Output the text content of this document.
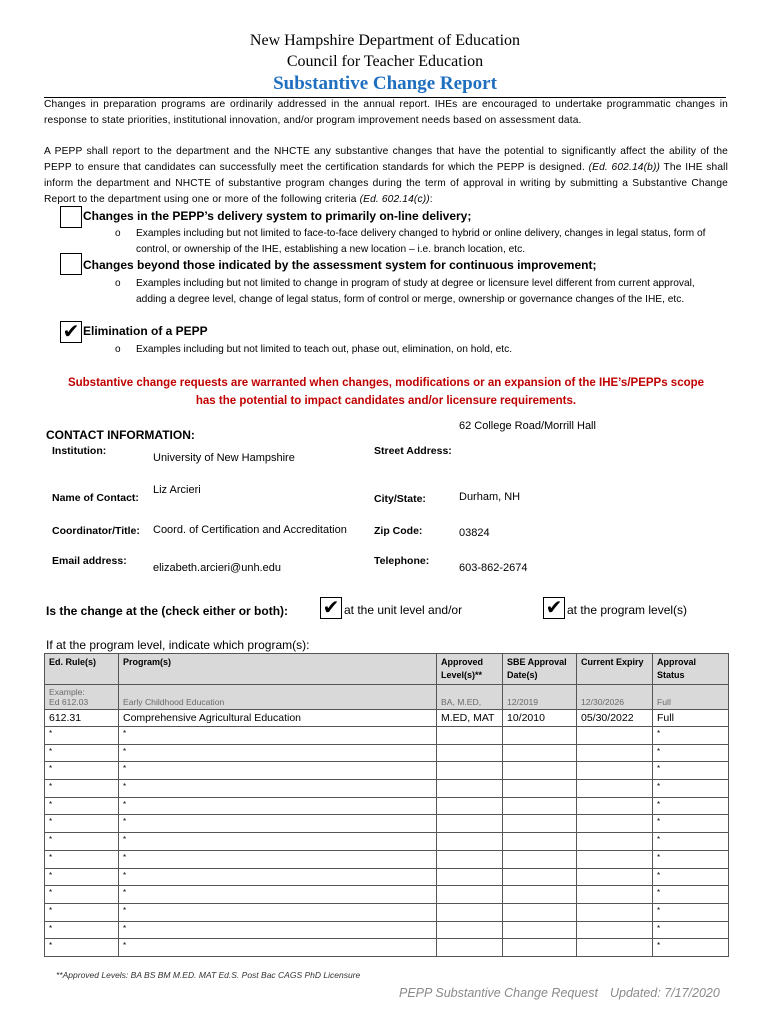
New Hampshire Department of Education
Council for Teacher Education
Substantive Change Report
Changes in preparation programs are ordinarily addressed in the annual report. IHEs are encouraged to undertake programmatic changes in response to state priorities, institutional innovation, and/or program improvement needs based on assessment data.
A PEPP shall report to the department and the NHCTE any substantive changes that have the potential to significantly affect the ability of the PEPP to ensure that candidates can successfully meet the certification standards for which the PEPP is designed. (Ed. 602.14(b)) The IHE shall inform the department and NHCTE of substantive program changes during the term of approval in writing by submitting a Substantive Change Report to the department using one or more of the following criteria (Ed. 602.14(c)):
Changes in the PEPP’s delivery system to primarily on-line delivery;
o Examples including but not limited to face-to-face delivery changed to hybrid or online delivery, changes in legal status, form of control, or ownership of the IHE, establishing a new location – i.e. branch location, etc.
Changes beyond those indicated by the assessment system for continuous improvement;
o Examples including but not limited to change in program of study at degree or licensure level different from current approval, adding a degree level, change of legal status, form of control or merge, ownership or governance changes of the IHE, etc.
✔ Elimination of a PEPP
o Examples including but not limited to teach out, phase out, elimination, on hold, etc.
Substantive change requests are warranted when changes, modifications or an expansion of the IHE’s/PEPPs scope
has the potential to impact candidates and/or licensure requirements.
CONTACT INFORMATION:
Institution:
University of New Hampshire
Name of Contact:
Liz Arcieri
Coordinator/Title: Coord. of Certification and Accreditation
Email address:
elizabeth.arcieri@unh.edu
62 College Road/Morrill Hall
Street Address:
City/State:	Durham, NH
Zip Code:	03824
Telephone:
603-862-2674
Is the change at the (check either or both): ✔ at the unit level and/or	✔ at the program level(s)
If at the program level, indicate which program(s):
Ed. Rule(s)	Program(s)	Approved Level(s)**	SBE Approval Date(s)	Current Expiry	Approval Status

Example:
Ed 612.03	Early Childhood Education	BA, M.ED,	12/2019	12/30/2026	Full
612.31	Comprehensive Agricultural Education	M.ED, MAT	10/2010	05/30/2022	Full
*	*				*
*	*				*
*	*				*
*	*				*
*	*				*
*	*				*
*	*				*
*	*				*
*	*				*
*	*				*
*	*				*
*	*				*
*	*				*
**Approved Levels: BA BS BM M.ED. MAT Ed.S. Post Bac CAGS PhD Licensure
PEPP Substantive Change Request Updated: 7/17/2020
